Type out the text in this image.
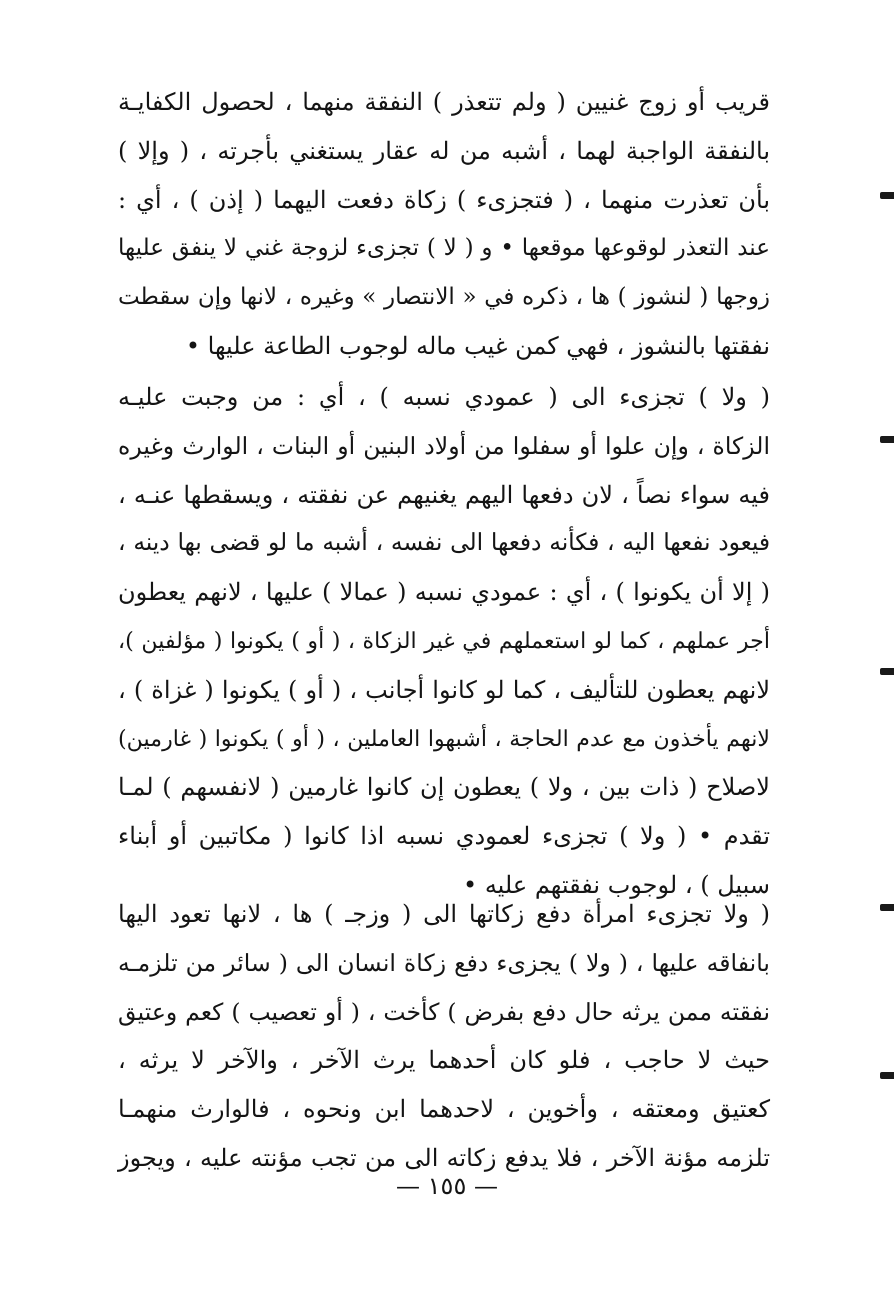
قريب أو زوج غنيين ( ولم تتعذر ) النفقة منهما ، لحصول الكفايـة
بالنفقة الواجبة لهما ، أشبه من له عقار يستغني بأجرته ، ( وإلا )
بأن تعذرت منهما ، ( فتجزىء ) زكاة دفعت اليهما ( إذن ) ، أي :
عند التعذر لوقوعها موقعها • و ( لا ) تجزىء لزوجة غني لا ينفق عليها
زوجها ( لنشوز ) ها ، ذكره في « الانتصار » وغيره ، لانها وإن سقطت
نفقتها بالنشوز ، فهي كمن غيب ماله لوجوب الطاعة عليها •
( ولا ) تجزىء الى ( عمودي نسبه ) ، أي : من وجبت عليـه
الزكاة ، وإن علوا أو سفلوا من أولاد البنين أو البنات ، الوارث وغيره
فيه سواء نصاً ، لان دفعها اليهم يغنيهم عن نفقته ، ويسقطها عنـه ،
فيعود نفعها اليه ، فكأنه دفعها الى نفسه ، أشبه ما لو قضى بها دينه ،
( إلا أن يكونوا ) ، أي : عمودي نسبه ( عمالا ) عليها ، لانهم يعطون
أجر عملهم ، كما لو استعملهم في غير الزكاة ، ( أو ) يكونوا ( مؤلفين )،
لانهم يعطون للتأليف ، كما لو كانوا أجانب ، ( أو ) يكونوا ( غزاة ) ،
لانهم يأخذون مع عدم الحاجة ، أشبهوا العاملين ، ( أو ) يكونوا ( غارمين)
لاصلاح ( ذات بين ، ولا ) يعطون إن كانوا غارمين ( لانفسهم ) لمـا
تقدم • ( ولا ) تجزىء لعمودي نسبه اذا كانوا ( مكاتبين أو أبناء
سبيل ) ، لوجوب نفقتهم عليه •
( ولا تجزىء امرأة دفع زكاتها الى ( وزجـ ) ها ، لانها تعود اليها
بانفاقه عليها ، ( ولا ) يجزىء دفع زكاة انسان الى ( سائر من تلزمـه
نفقته ممن يرثه حال دفع بفرض ) كأخت ، ( أو تعصيب ) كعم وعتيق
حيث لا حاجب ، فلو كان أحدهما يرث الآخر ، والآخر لا يرثه ،
كعتيق ومعتقه ، وأخوين ، لاحدهما ابن ونحوه ، فالوارث منهمـا
تلزمه مؤنة الآخر ، فلا يدفع زكاته الى من تجب مؤنته عليه ، ويجوز
— ١٥٥ —
